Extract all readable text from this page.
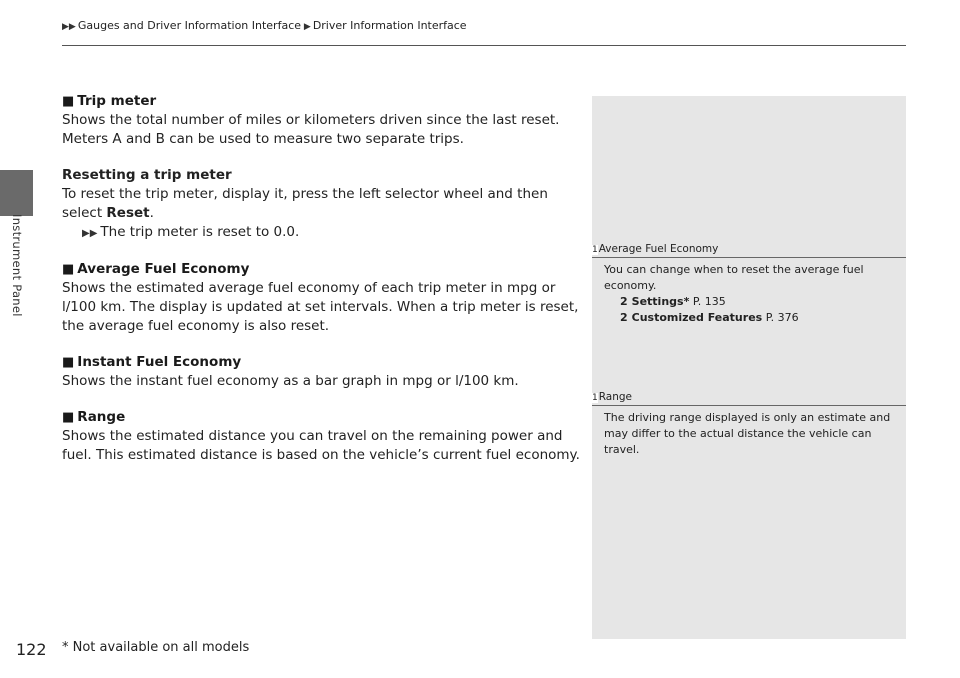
▶▶ Gauges and Driver Information Interface ▶ Driver Information Interface
Instrument Panel
■ Trip meter
Shows the total number of miles or kilometers driven since the last reset. Meters A and B can be used to measure two separate trips.
Resetting a trip meter
To reset the trip meter, display it, press the left selector wheel and then select Reset.
▶▶ The trip meter is reset to 0.0.
■ Average Fuel Economy
Shows the estimated average fuel economy of each trip meter in mpg or l/100 km. The display is updated at set intervals. When a trip meter is reset, the average fuel economy is also reset.
■ Instant Fuel Economy
Shows the instant fuel economy as a bar graph in mpg or l/100 km.
■ Range
Shows the estimated distance you can travel on the remaining power and fuel. This estimated distance is based on the vehicle’s current fuel economy.
1Average Fuel Economy
You can change when to reset the average fuel economy.
2 Settings* P. 135
2 Customized Features P. 376
1Range
The driving range displayed is only an estimate and may differ to the actual distance the vehicle can travel.
122 * Not available on all models
